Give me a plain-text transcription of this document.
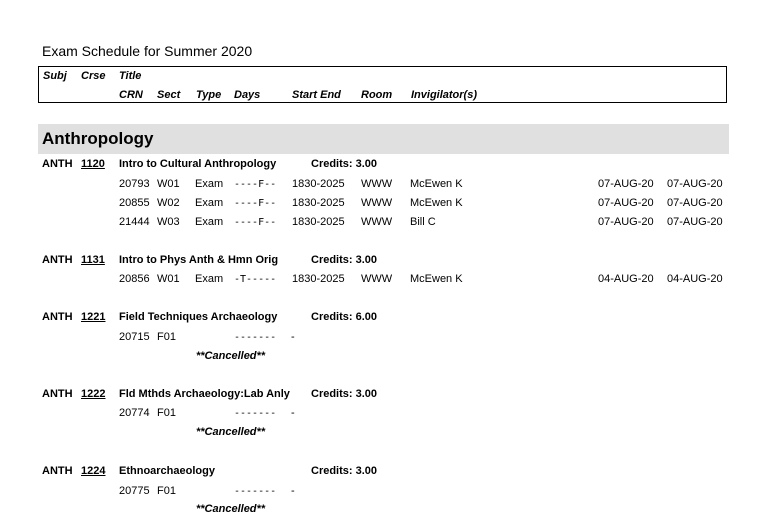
Exam Schedule for Summer 2020
Subj Crse Title
CRN Sect Type Days	Start End Room Invigilator(s)
Anthropology
ANTH 1120 Intro to Cultural Anthropology	Credits: 3.00
20793 W01 Exam ----F-- 1830-2025 WWW McEwen K	07-AUG-20 07-AUG-20
20855 W02 Exam ----F-- 1830-2025 WWW McEwen K	07-AUG-20 07-AUG-20
21444 W03 Exam ----F-- 1830-2025 WWW Bill C	07-AUG-20 07-AUG-20
ANTH 1131 Intro to Phys Anth & Hmn Orig	Credits: 3.00
20856 W01 Exam -T----- 1830-2025 WWW McEwen K	04-AUG-20 04-AUG-20
ANTH 1221 Field Techniques Archaeology	Credits: 6.00
20715 F01	------- -
**Cancelled**
ANTH 1222 Fld Mthds Archaeology:Lab Anly Credits: 3.00
20774 F01	------- -
**Cancelled**
ANTH 1224 Ethnoarchaeology	Credits: 3.00
20775 F01	------- -
**Cancelled**
